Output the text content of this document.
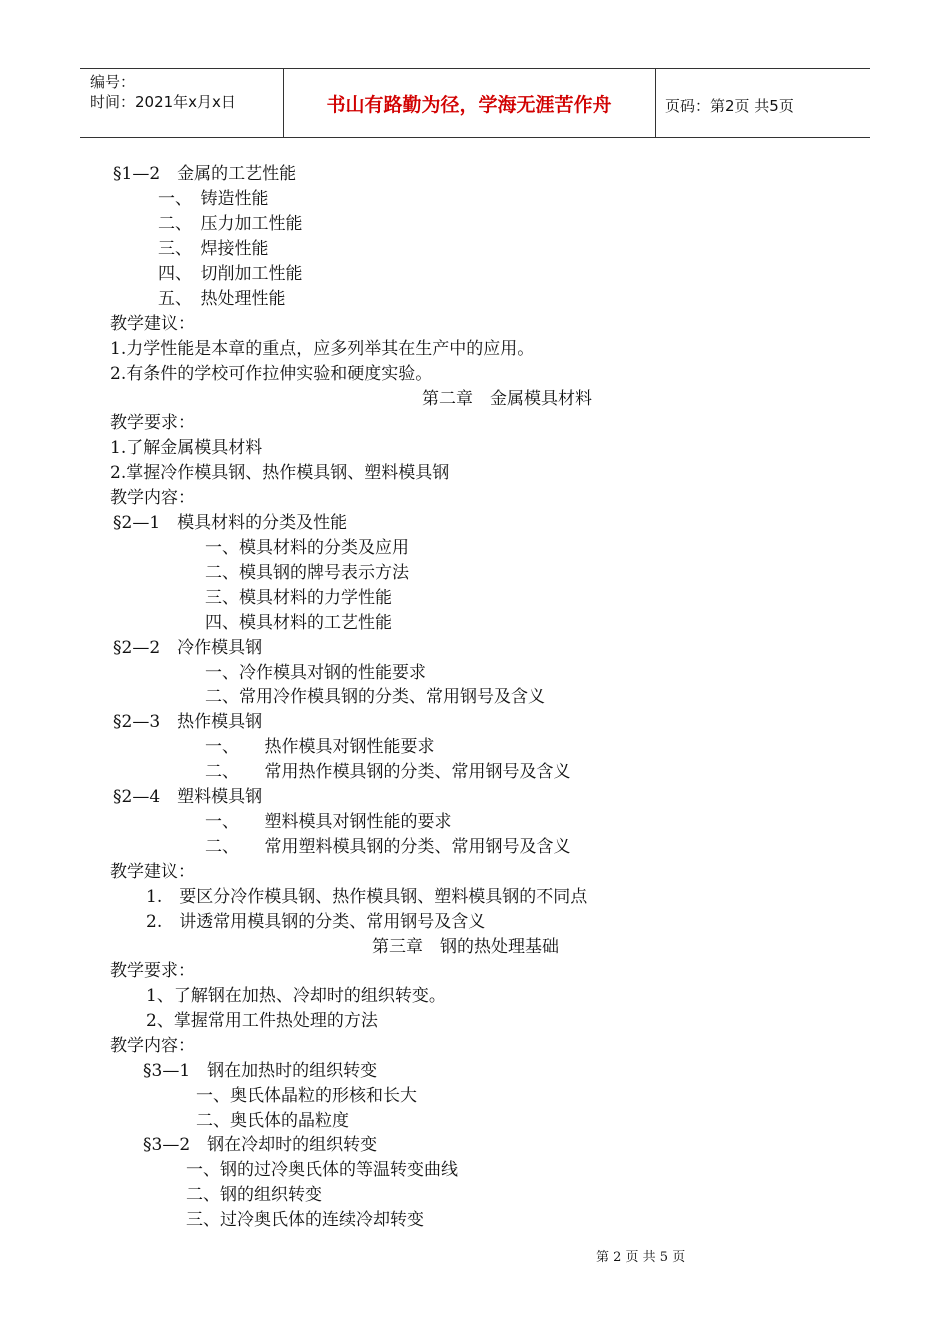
编号：
时间：2021年x月x日	书山有路勤为径，学海无涯苦作舟	页码：第2页 共5页
§1—2　金属的工艺性能
一、　铸造性能
二、　压力加工性能
三、　焊接性能
四、　切削加工性能
五、　热处理性能
教学建议：
1.力学性能是本章的重点，应多列举其在生产中的应用。
2.有条件的学校可作拉伸实验和硬度实验。
第二章　金属模具材料
教学要求：
1.了解金属模具材料
2.掌握冷作模具钢、热作模具钢、塑料模具钢
教学内容：
§2—1　模具材料的分类及性能
一、模具材料的分类及应用
二、模具钢的牌号表示方法
三、模具材料的力学性能
四、模具材料的工艺性能
§2—2　冷作模具钢
一、冷作模具对钢的性能要求
二、常用冷作模具钢的分类、常用钢号及含义
§2—3　热作模具钢
一、　　热作模具对钢性能要求
二、　　常用热作模具钢的分类、常用钢号及含义
§2—4　塑料模具钢
一、　　塑料模具对钢性能的要求
二、　　常用塑料模具钢的分类、常用钢号及含义
教学建议：
1.　要区分冷作模具钢、热作模具钢、塑料模具钢的不同点
2.　讲透常用模具钢的分类、常用钢号及含义
第三章　钢的热处理基础
教学要求：
1、了解钢在加热、冷却时的组织转变。
2、掌握常用工件热处理的方法
教学内容：
§3—1　钢在加热时的组织转变
一、奥氏体晶粒的形核和长大
二、奥氏体的晶粒度
§3—2　钢在冷却时的组织转变
一、钢的过冷奥氏体的等温转变曲线
二、钢的组织转变
三、过冷奥氏体的连续冷却转变
第 2 页 共 5 页
